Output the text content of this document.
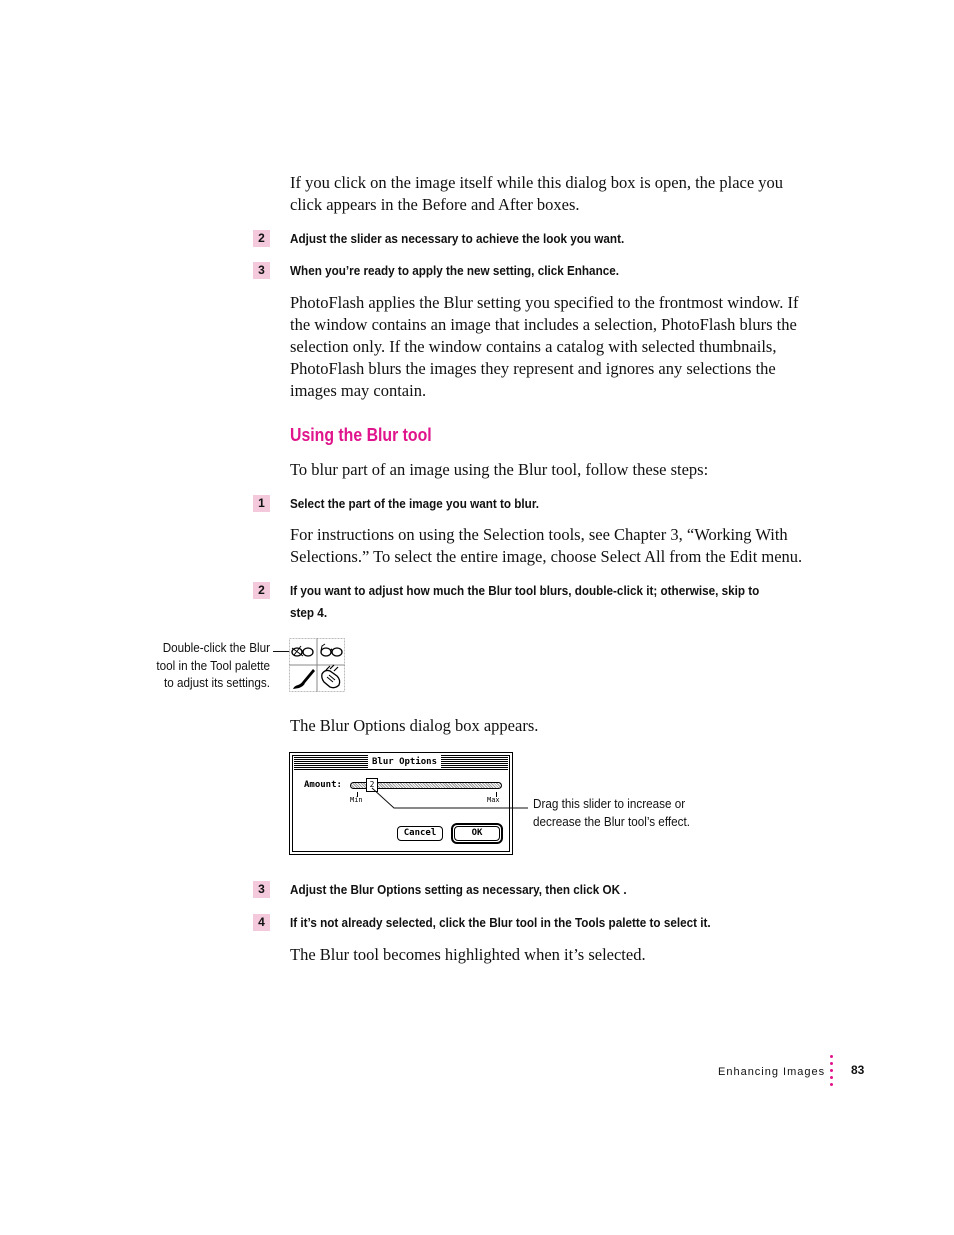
If you click on the image itself while this dialog box is open, the place you
click appears in the Before and After boxes.
2	Adjust the slider as necessary to achieve the look you want.
3	When you’re ready to apply the new setting, click Enhance.
PhotoFlash applies the Blur setting you specified to the frontmost window. If
the window contains an image that includes a selection, PhotoFlash blurs the
selection only. If the window contains a catalog with selected thumbnails,
PhotoFlash blurs the images they represent and ignores any selections the
images may contain.
Using the Blur tool
To blur part of an image using the Blur tool, follow these steps:
1	Select the part of the image you want to blur.
For instructions on using the Selection tools, see Chapter 3, “Working With
Selections.” To select the entire image, choose Select All from the Edit menu.
2	If you want to adjust how much the Blur tool blurs, double-click it; otherwise, skip to
step 4.
Double-click the Blur
tool in the Tool palette
to adjust its settings.
The Blur Options dialog box appears.
Blur Options
Amount:	2
Min	Max
Cancel	OK
Drag this slider to increase or
decrease the Blur tool’s effect.
3	Adjust the Blur Options setting as necessary, then click OK .
4	If it’s not already selected, click the Blur tool in the Tools palette to select it.
The Blur tool becomes highlighted when it’s selected.
Enhancing Images 83
